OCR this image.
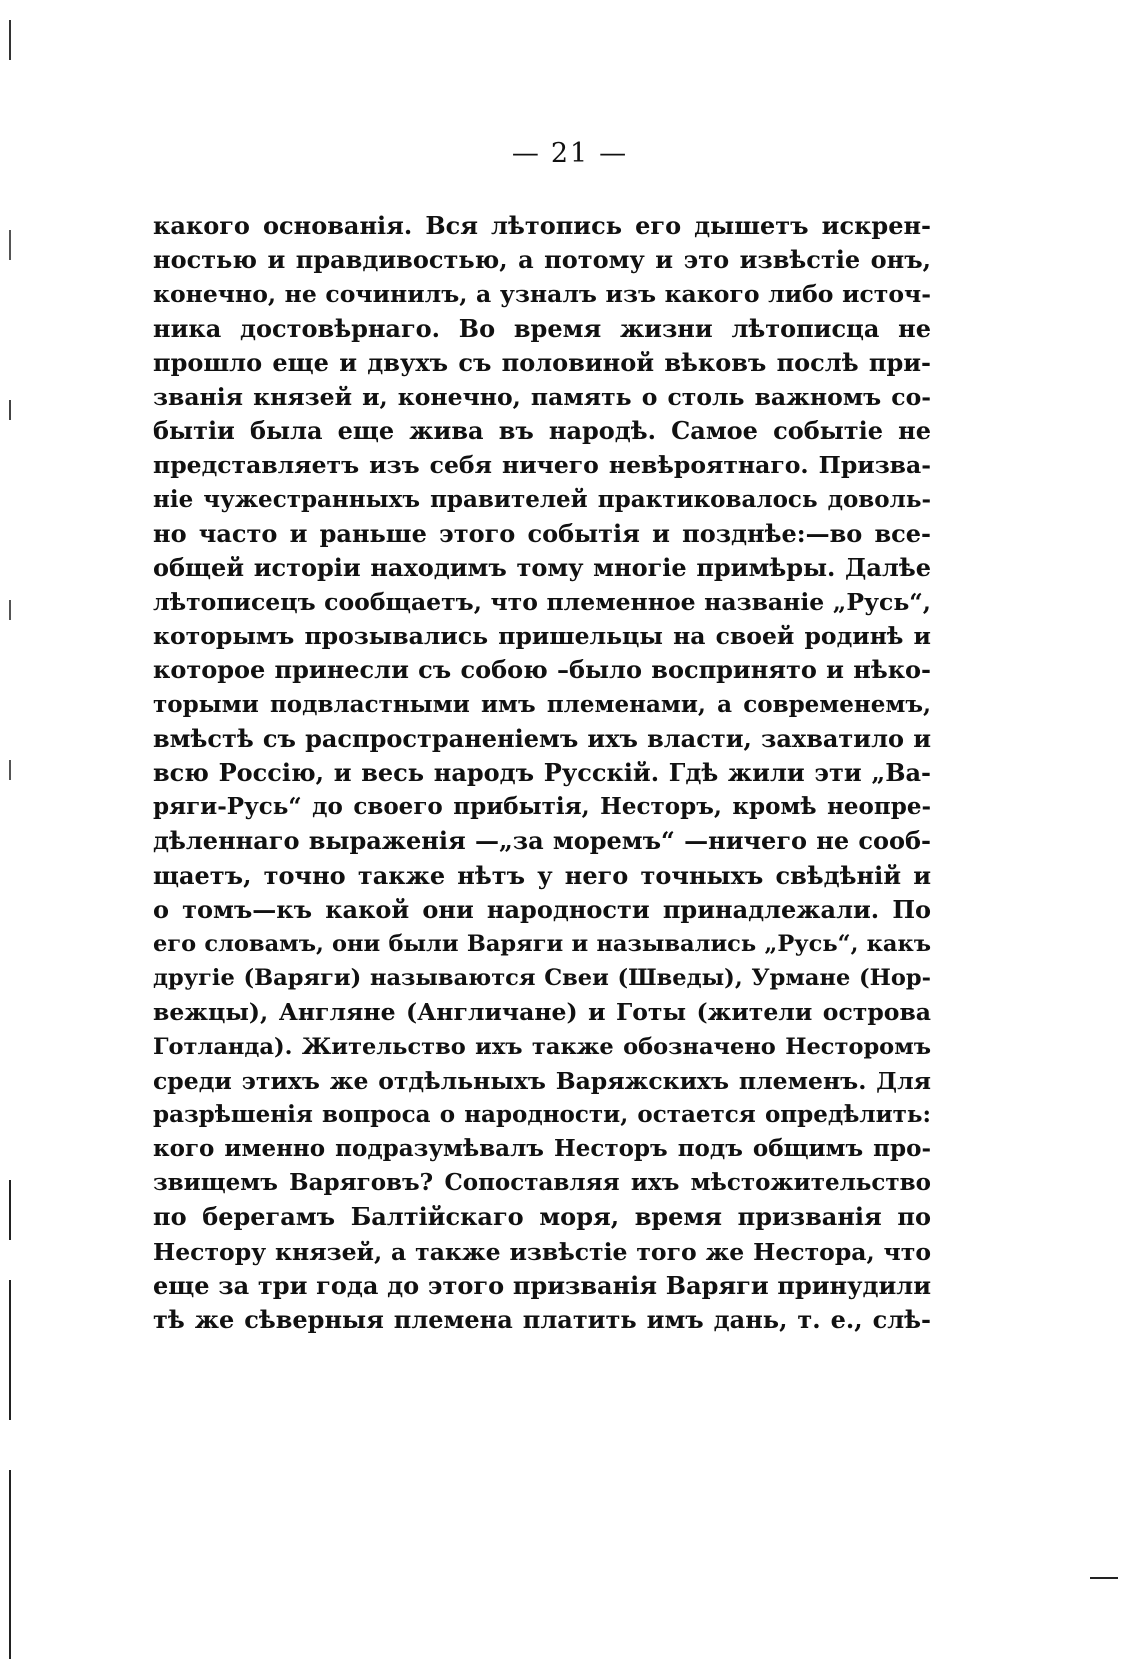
— 21 —
какого основанія. Вся лѣтопись его дышетъ искрен-
ностью и правдивостью, а потому и это извѣстіе онъ,
конечно, не сочинилъ, а узналъ изъ какого либо источ-
ника достовѣрнаго. Во время жизни лѣтописца не
прошло еще и двухъ съ половиной вѣковъ послѣ при-
званія князей и, конечно, память о столь важномъ со-
бытіи была еще жива въ народѣ. Самое событіе не
представляетъ изъ себя ничего невѣроятнаго. Призва-
ніе чужестранныхъ правителей практиковалось доволь-
но часто и раньше этого событія и позднѣе:—во все-
общей исторіи находимъ тому многіе примѣры. Далѣе
лѣтописецъ сообщаетъ, что племенное названіе „Русь“,
которымъ прозывались пришельцы на своей родинѣ и
которое принесли съ собою –было воспринято и нѣко-
торыми подвластными имъ племенами, а современемъ,
вмѣстѣ съ распространеніемъ ихъ власти, захватило и
всю Россію, и весь народъ Русскій. Гдѣ жили эти „Ва-
ряги-Русь“ до своего прибытія, Несторъ, кромѣ неопре-
дѣленнаго выраженія —„за моремъ“ —ничего не сооб-
щаетъ, точно также нѣтъ у него точныхъ свѣдѣній и
о томъ—къ какой они народности принадлежали. По
его словамъ, они были Варяги и назывались „Русь“, какъ
другіе (Варяги) называются Свеи (Шведы), Урмане (Нор-
вежцы), Англяне (Англичане) и Готы (жители острова
Готланда). Жительство ихъ также обозначено Несторомъ
среди этихъ же отдѣльныхъ Варяжскихъ племенъ. Для
разрѣшенія вопроса о народности, остается опредѣлить:
кого именно подразумѣвалъ Несторъ подъ общимъ про-
звищемъ Варяговъ? Сопоставляя ихъ мѣстожительство
по берегамъ Балтійскаго моря, время призванія по
Нестору князей, а также извѣстіе того же Нестора, что
еще за три года до этого призванія Варяги принудили
тѣ же сѣверныя племена платить имъ дань, т. е., слѣ-
